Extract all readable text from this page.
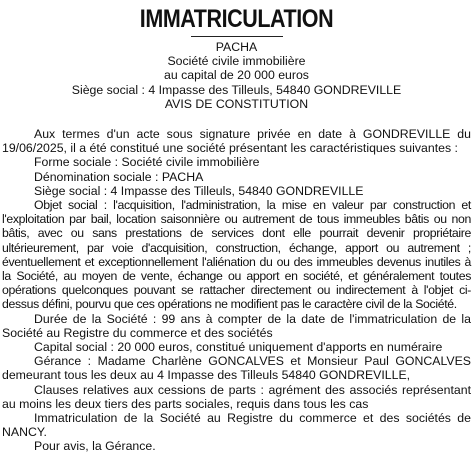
IMMATRICULATION
PACHA
Société civile immobilière
au capital de 20 000 euros
Siège social : 4 Impasse des Tilleuls, 54840 GONDREVILLE
AVIS DE CONSTITUTION
Aux termes d'un acte sous signature privée en date à GONDREVILLE du 19/06/2025, il a été constitué une société présentant les caractéristiques suivantes :
Forme sociale : Société civile immobilière
Dénomination sociale : PACHA
Siège social : 4 Impasse des Tilleuls, 54840 GONDREVILLE
Objet social : l'acquisition, l'administration, la mise en valeur par construction et l'exploitation par bail, location saisonnière ou autrement de tous immeubles bâtis ou non bâtis, avec ou sans prestations de services dont elle pourrait devenir propriétaire ultérieurement, par voie d'acquisition, construction, échange, apport ou autrement ; éventuellement et exceptionnellement l'aliénation du ou des immeubles devenus inutiles à la Société, au moyen de vente, échange ou apport en société, et généralement toutes opérations quelconques pouvant se rattacher directement ou indirectement à l'objet ci-dessus défini, pourvu que ces opérations ne modifient pas le caractère civil de la Société.
Durée de la Société : 99 ans à compter de la date de l'immatriculation de la Société au Registre du commerce et des sociétés
Capital social : 20 000 euros, constitué uniquement d'apports en numéraire
Gérance : Madame Charlène GONCALVES et Monsieur Paul GONCALVES demeurant tous les deux au 4 Impasse des Tilleuls 54840 GONDREVILLE,
Clauses relatives aux cessions de parts : agrément des associés représentant au moins les deux tiers des parts sociales, requis dans tous les cas
Immatriculation de la Société au Registre du commerce et des sociétés de NANCY.
Pour avis, la Gérance.
